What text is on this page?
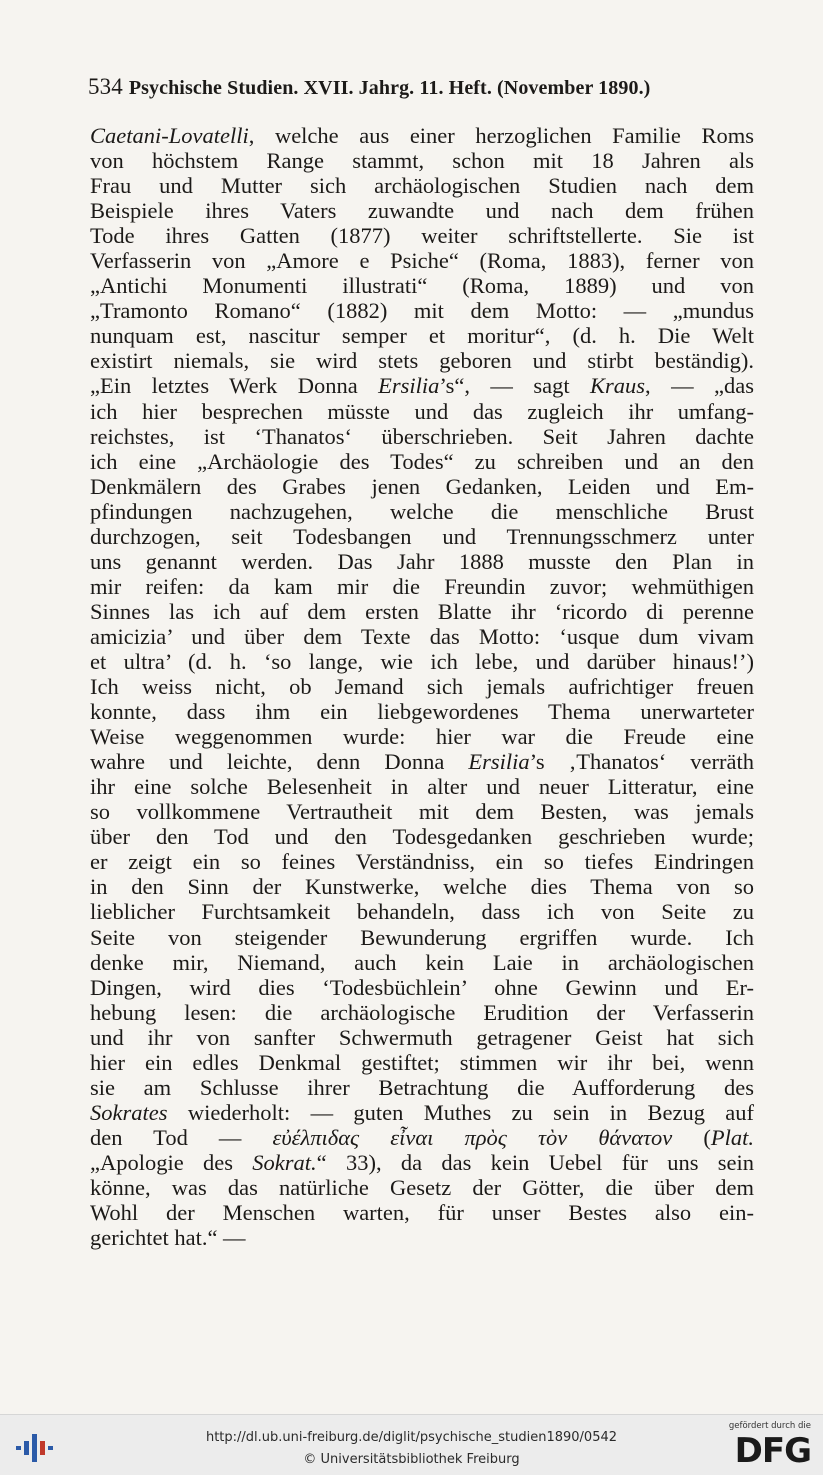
534 Psychische Studien. XVII. Jahrg. 11. Heft. (November 1890.)
Caetani-Lovatelli, welche aus einer herzoglichen Familie Roms
von höchstem Range stammt, schon mit 18 Jahren als
Frau und Mutter sich archäologischen Studien nach dem
Beispiele ihres Vaters zuwandte und nach dem frühen
Tode ihres Gatten (1877) weiter schriftstellerte. Sie ist
Verfasserin von „Amore e Psiche“ (Roma, 1883), ferner von
„Antichi Monumenti illustrati“ (Roma, 1889) und von
„Tramonto Romano“ (1882) mit dem Motto: — „mundus
nunquam est, nascitur semper et moritur“, (d. h. Die Welt
existirt niemals, sie wird stets geboren und stirbt beständig).
„Ein letztes Werk Donna Ersilia’s“, — sagt Kraus, — „das
ich hier besprechen müsste und das zugleich ihr umfang-
reichstes, ist ‘Thanatos‘ überschrieben. Seit Jahren dachte
ich eine „Archäologie des Todes“ zu schreiben und an den
Denkmälern des Grabes jenen Gedanken, Leiden und Em-
pfindungen nachzugehen, welche die menschliche Brust
durchzogen, seit Todesbangen und Trennungsschmerz unter
uns genannt werden. Das Jahr 1888 musste den Plan in
mir reifen: da kam mir die Freundin zuvor; wehmüthigen
Sinnes las ich auf dem ersten Blatte ihr ‘ricordo di perenne
amicizia’ und über dem Texte das Motto: ‘usque dum vivam
et ultra’ (d. h. ‘so lange, wie ich lebe, und darüber hinaus!’)
Ich weiss nicht, ob Jemand sich jemals aufrichtiger freuen
konnte, dass ihm ein liebgewordenes Thema unerwarteter
Weise weggenommen wurde: hier war die Freude eine
wahre und leichte, denn Donna Ersilia’s ‚Thanatos‘ verräth
ihr eine solche Belesenheit in alter und neuer Litteratur, eine
so vollkommene Vertrautheit mit dem Besten, was jemals
über den Tod und den Todesgedanken geschrieben wurde;
er zeigt ein so feines Verständniss, ein so tiefes Eindringen
in den Sinn der Kunstwerke, welche dies Thema von so
lieblicher Furchtsamkeit behandeln, dass ich von Seite zu
Seite von steigender Bewunderung ergriffen wurde. Ich
denke mir, Niemand, auch kein Laie in archäologischen
Dingen, wird dies ‘Todesbüchlein’ ohne Gewinn und Er-
hebung lesen: die archäologische Erudition der Verfasserin
und ihr von sanfter Schwermuth getragener Geist hat sich
hier ein edles Denkmal gestiftet; stimmen wir ihr bei, wenn
sie am Schlusse ihrer Betrachtung die Aufforderung des
Sokrates wiederholt: — guten Muthes zu sein in Bezug auf
den Tod — εὐέλπιδας εἶναι πρὸς τὸν θάνατον (Plat.
„Apologie des Sokrat.“ 33), da das kein Uebel für uns sein
könne, was das natürliche Gesetz der Götter, die über dem
Wohl der Menschen warten, für unser Bestes also ein-
gerichtet hat.“ —
http://dl.ub.uni-freiburg.de/diglit/psychische_studien1890/0542
© Universitätsbibliothek Freiburg
gefördert durch die
DFG
